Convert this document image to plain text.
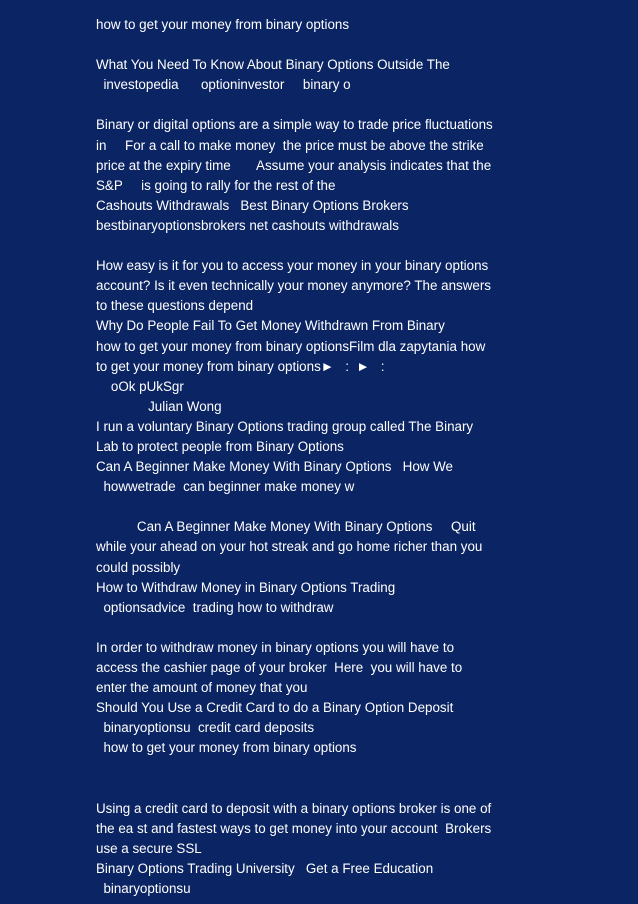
how to get your money from binary options
What You Need To Know About Binary Options Outside The
investopedia      optioninvestor     binary o
Binary or digital options are a simple way to trade price fluctuations
in     For a call to make money  the price must be above the strike
price at the expiry time       Assume your analysis indicates that the
S&P     is going to rally for the rest of the
Cashouts Withdrawals   Best Binary Options Brokers
bestbinaryoptionsbrokers net cashouts withdrawals
How easy is it for you to access your money in your binary options
account? Is it even technically your money anymore? The answers
to these questions depend
Why Do People Fail To Get Money Withdrawn From Binary
how to get your money from binary optionsFilm dla zapytania how
to get your money from binary options►   :  ►   :
oOk pUkSgr
Julian Wong
I run a voluntary Binary Options trading group called The Binary
Lab to protect people from Binary Options
Can A Beginner Make Money With Binary Options   How We
howwetrade  can beginner make money w
Can A Beginner Make Money With Binary Options     Quit
while your ahead on your hot streak and go home richer than you
could possibly
How to Withdraw Money in Binary Options Trading
optionsadvice  trading how to withdraw
In order to withdraw money in binary options you will have to
access the cashier page of your broker  Here  you will have to
enter the amount of money that you
Should You Use a Credit Card to do a Binary Option Deposit
binaryoptionsu  credit card deposits
how to get your money from binary options
Using a credit card to deposit with a binary options broker is one of
the ea st and fastest ways to get money into your account  Brokers
use a secure SSL
Binary Options Trading University   Get a Free Education
binaryoptionsu
